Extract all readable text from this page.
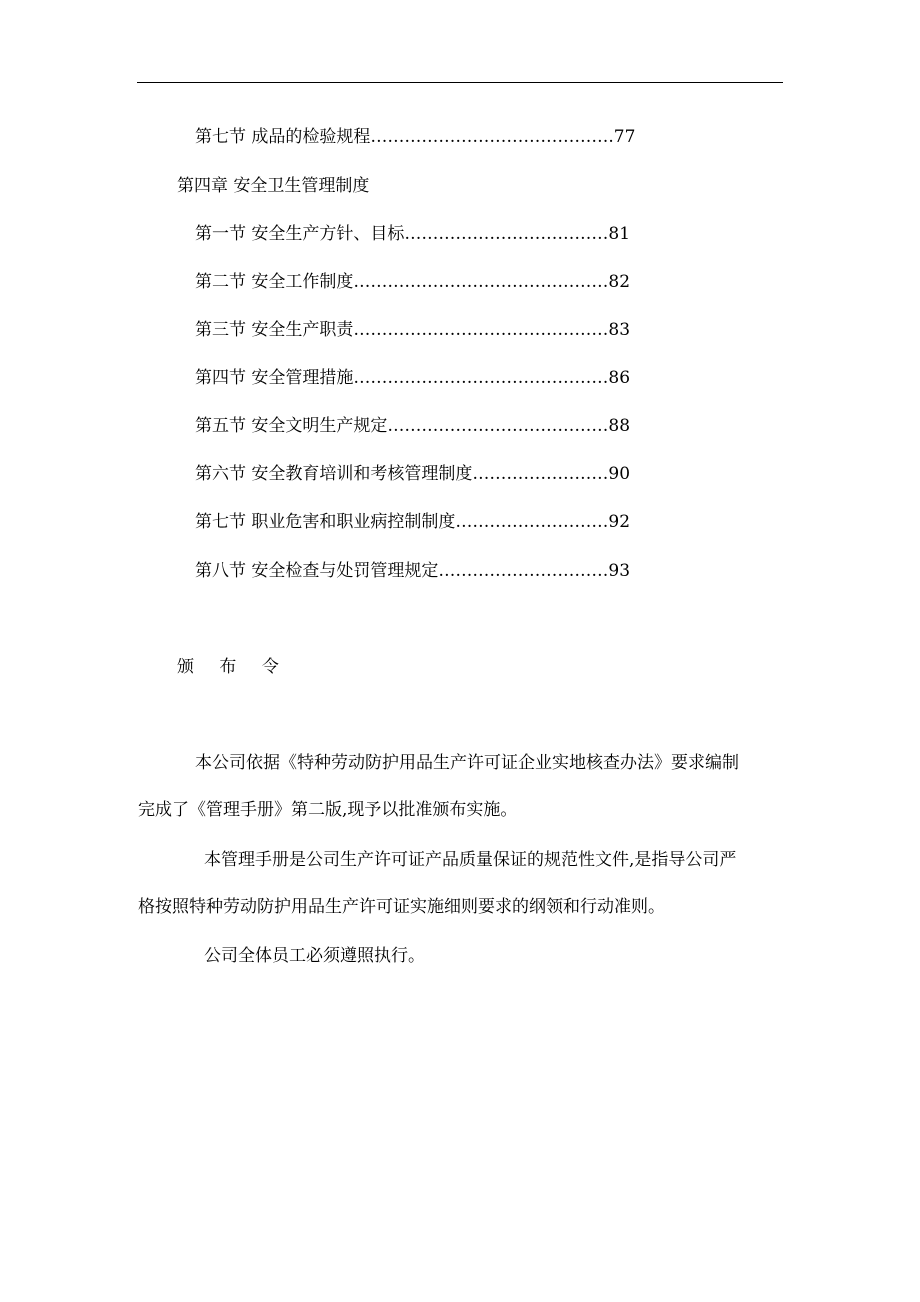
第七节 成品的检验规程…………………………………….77
第四章 安全卫生管理制度
第一节 安全生产方针、目标………………………………81
第二节 安全工作制度………………………………………82
第三节 安全生产职责………………………………………83
第四节 安全管理措施………………………………………86
第五节 安全文明生产规定…………………………………88
第六节 安全教育培训和考核管理制度……………………90
第七节 职业危害和职业病控制制度………………………92
第八节 安全检查与处罚管理规定…………………………93
颁 布 令
本公司依据《特种劳动防护用品生产许可证企业实地核查办法》要求编制
完成了《管理手册》第二版,现予以批准颁布实施。
本管理手册是公司生产许可证产品质量保证的规范性文件,是指导公司严
格按照特种劳动防护用品生产许可证实施细则要求的纲领和行动准则。
公司全体员工必须遵照执行。
